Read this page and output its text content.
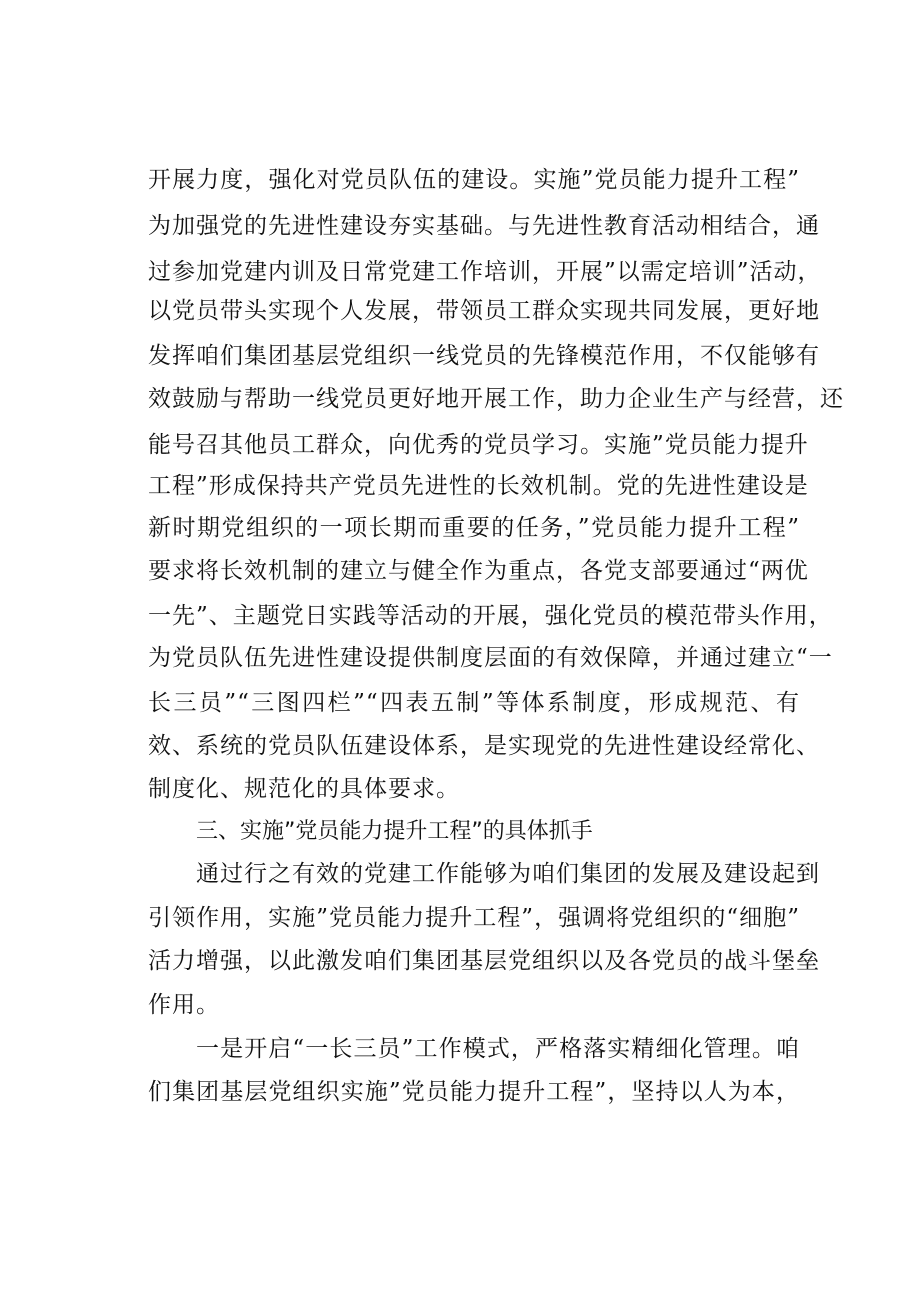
开展力度，强化对党员队伍的建设。实施”党员能力提升工程”
为加强党的先进性建设夯实基础。与先进性教育活动相结合，通
过参加党建内训及日常党建工作培训，开展”以需定培训”活动，
以党员带头实现个人发展，带领员工群众实现共同发展，更好地
发挥咱们集团基层党组织一线党员的先锋模范作用，不仅能够有
效鼓励与帮助一线党员更好地开展工作，助力企业生产与经营，还
能号召其他员工群众，向优秀的党员学习。实施”党员能力提升
工程”形成保持共产党员先进性的长效机制。党的先进性建设是
新时期党组织的一项长期而重要的任务，”党员能力提升工程”
要求将长效机制的建立与健全作为重点，各党支部要通过“两优
一先”、主题党日实践等活动的开展，强化党员的模范带头作用，
为党员队伍先进性建设提供制度层面的有效保障，并通过建立“一
长三员”“三图四栏”“四表五制”等体系制度，形成规范、有
效、系统的党员队伍建设体系，是实现党的先进性建设经常化、
制度化、规范化的具体要求。
三、实施”党员能力提升工程”的具体抓手
通过行之有效的党建工作能够为咱们集团的发展及建设起到
引领作用，实施”党员能力提升工程”，强调将党组织的“细胞”
活力增强，以此激发咱们集团基层党组织以及各党员的战斗堡垒
作用。
一是开启“一长三员”工作模式，严格落实精细化管理。咱
们集团基层党组织实施”党员能力提升工程”，坚持以人为本，
